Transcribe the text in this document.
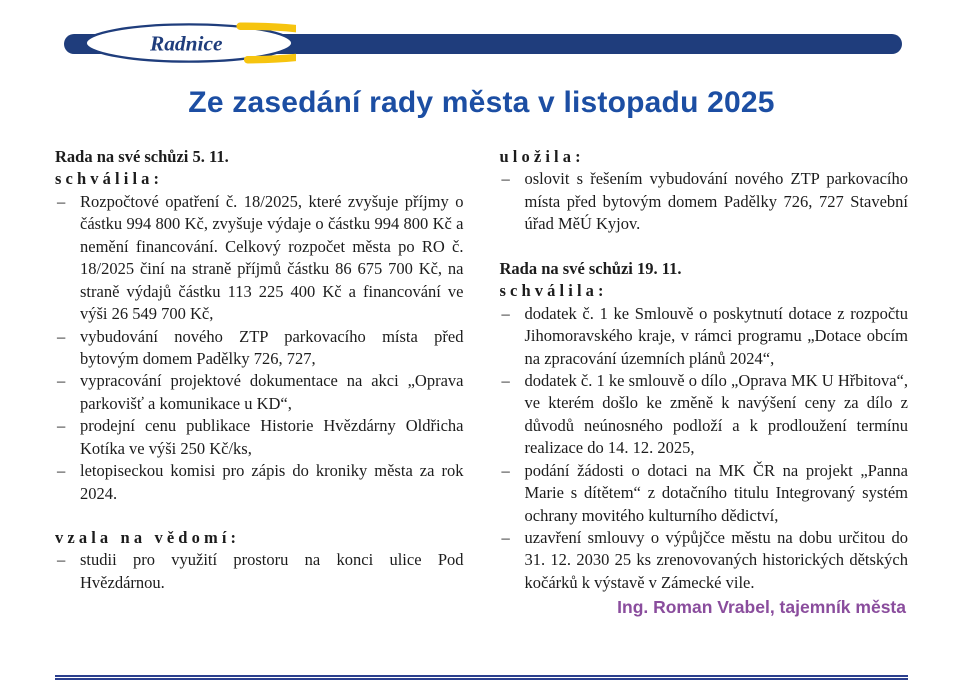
Radnice
Ze zasedání rady města v listopadu 2025

Rada na své schůzi 5. 11.

s c h v á l i l a :

– Rozpočtové opatření č. 18/2025, které zvyšuje příjmy o částku 994 800 Kč, zvyšuje výdaje o částku 994 800 Kč a nemění financování. Celkový rozpočet města po RO č. 18/2025 činí na straně příjmů částku 86 675 700 Kč, na straně výdajů částku 113 225 400 Kč a financování ve výši 26 549 700 Kč,
– vybudování nového ZTP parkovacího místa před bytovým domem Padělky 726, 727,
– vypracování projektové dokumentace na akci „Oprava parkovišť a komunikace u KD“,
– prodejní cenu publikace Historie Hvězdárny Oldřicha Kotíka ve výši 250 Kč/ks,
– letopiseckou komisi pro zápis do kroniky města za rok 2024.

v z a l a   n a   v ě d o m í :

– studii pro využití prostoru na konci ulice Pod Hvězdárnou.

u l o ž i l a :

– oslovit s řešením vybudování nového ZTP parkovacího místa před bytovým domem Padělky 726, 727 Stavební úřad MěÚ Kyjov.

Rada na své schůzi 19. 11.

s c h v á l i l a :

– dodatek č. 1 ke Smlouvě o poskytnutí dotace z rozpočtu Jihomoravského kraje, v rámci programu „Dotace obcím na zpracování územních plánů 2024“,
– dodatek č. 1 ke smlouvě o dílo „Oprava MK U Hřbitova“, ve kterém došlo ke změně k navýšení ceny za dílo z důvodů neúnosného podloží a k prodloužení termínu realizace do 14. 12. 2025,
– podání žádosti o dotaci na MK ČR na projekt „Panna Marie s dítětem“ z dotačního titulu Integrovaný systém ochrany movitého kulturního dědictví,
– uzavření smlouvy o výpůjčce městu na dobu určitou do 31. 12. 2030 25 ks zrenovovaných historických dětských kočárků k výstavě v Zámecké vile.

Ing. Roman Vrabel, tajemník města
